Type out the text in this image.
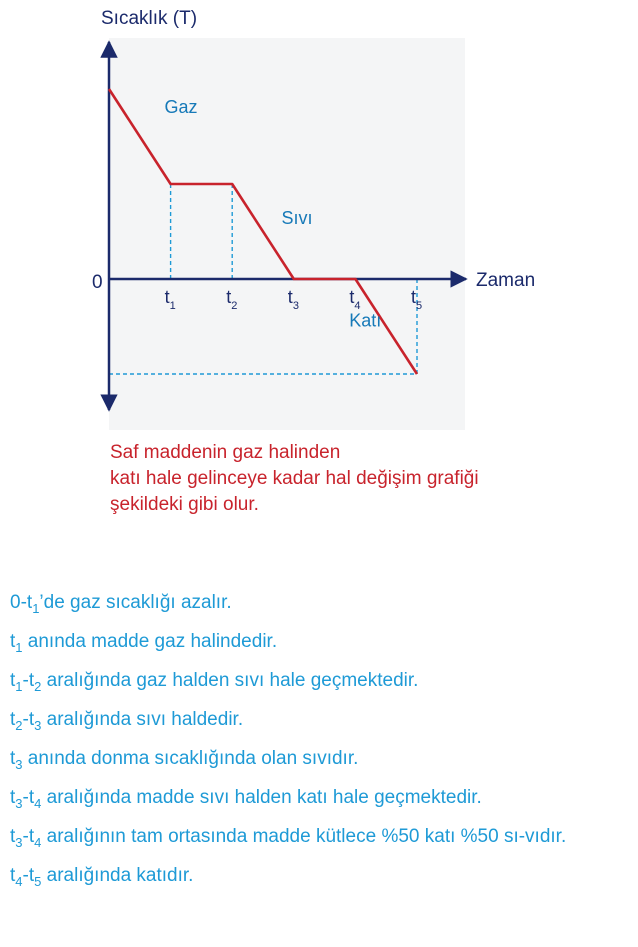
Sıcaklık (T)
Zaman
0
$t_1$	$t_2$	$t_3$	$t_4$	$t_5$
Gaz
Sıvı
Katı
Saf maddenin gaz halinden
katı hale gelinceye kadar hal değişim grafiği
şekildeki gibi olur.
$0-t_1’de$ gaz sıcaklığı azalır.
$t_1$ anında madde gaz halindedir.
$t_1-t_2$ aralığında gaz halden sıvı hale geçmektedir.
$t_2-t_3$ aralığında sıvı haldedir.
$t_3$ anında donma sıcaklığında olan sıvıdır.
$t_3-t_4$ aralığında madde sıvı halden katı hale geçmektedir.
$t_3-t_4$ aralığının tam ortasında madde kütlece %50 katı %50 sı-vıdır.
$t_4-t_5$ aralığında katıdır.
